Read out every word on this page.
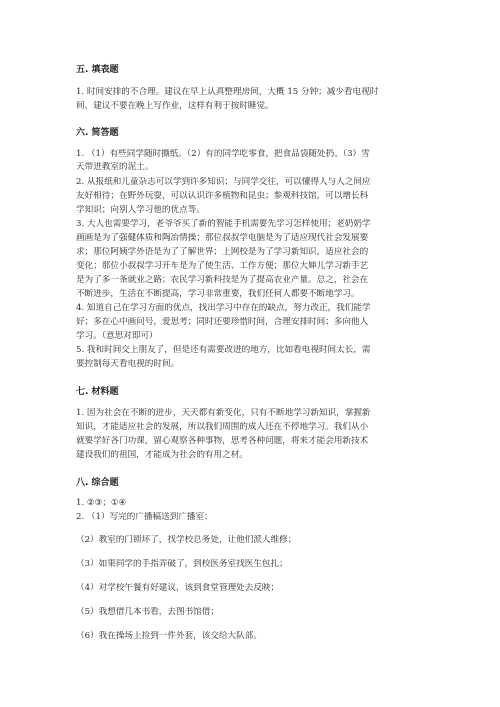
五. 填表题
1. 时间安排的不合理。建议在早上认真整理房间，大概 15 分钟；减少看电视时
间，建议不要在晚上写作业，这样有利于按时睡觉。
六. 简答题
1. （1）有些同学随时撕纸。（2）有的同学吃零食，把食品袋随处扔。（3）雪
天带进教室的泥土。
2. 从报纸和儿童杂志可以学到许多知识；与同学交往，可以懂得人与人之间应
友好相待；在野外玩耍，可以认识许多植物和昆虫；参观科技馆，可以增长科
学知识；向别人学习他的优点等。
3. 大人也需要学习，老爷爷买了新的智能手机需要先学习怎样使用；老奶奶学
画画是为了强健体质和陶冶情操；那位叔叔学电脑是为了适应现代社会发展要
求；那位阿姨学外语是为了了解世界；上网校是为了学习新知识，适应社会的
变化；那位小叔叔学习开车是为了使生活、工作方便；那位大婶儿学习新手艺
是为了多一条就业之路；农民学习新科技是为了提高农业产量。总之，社会在
不断进步，生活在不断提高，学习非常重要，我们任何人都要不断地学习。
4. 知道自己在学习方面的优点，找出学习中存在的缺点，努力改正，我们能学
好；多在心中画问号，爱思考；同时还要珍惜时间，合理安排时间；多向他人
学习。（意思对即可）
5. 我和时间交上朋友了，但是还有需要改进的地方，比如看电视时间太长，需
要控制每天看电视的时间。
七. 材料题
1. 因为社会在不断的进步，天天都有新变化，只有不断地学习新知识，掌握新
知识，才能适应社会的发展，所以我们周围的成人还在不停地学习。我们从小
就要学好各门功课，留心观察各种事物，思考各种问题，将来才能会用新技术
建设我们的祖国，才能成为社会的有用之材。
八. 综合题
1. ②③；①④
2. （1）写完的广播稿送到广播室；
（2）教室的门锁坏了，找学校总务处，让他们派人维修；
（3）如果同学的手指弄破了，到校医务室找医生包扎；
（4）对学校午餐有好建议，该到食堂管理处去反映；
（5）我想借几本书看，去图书馆借；
（6）我在操场上捡到一件外套，该交给大队部。
